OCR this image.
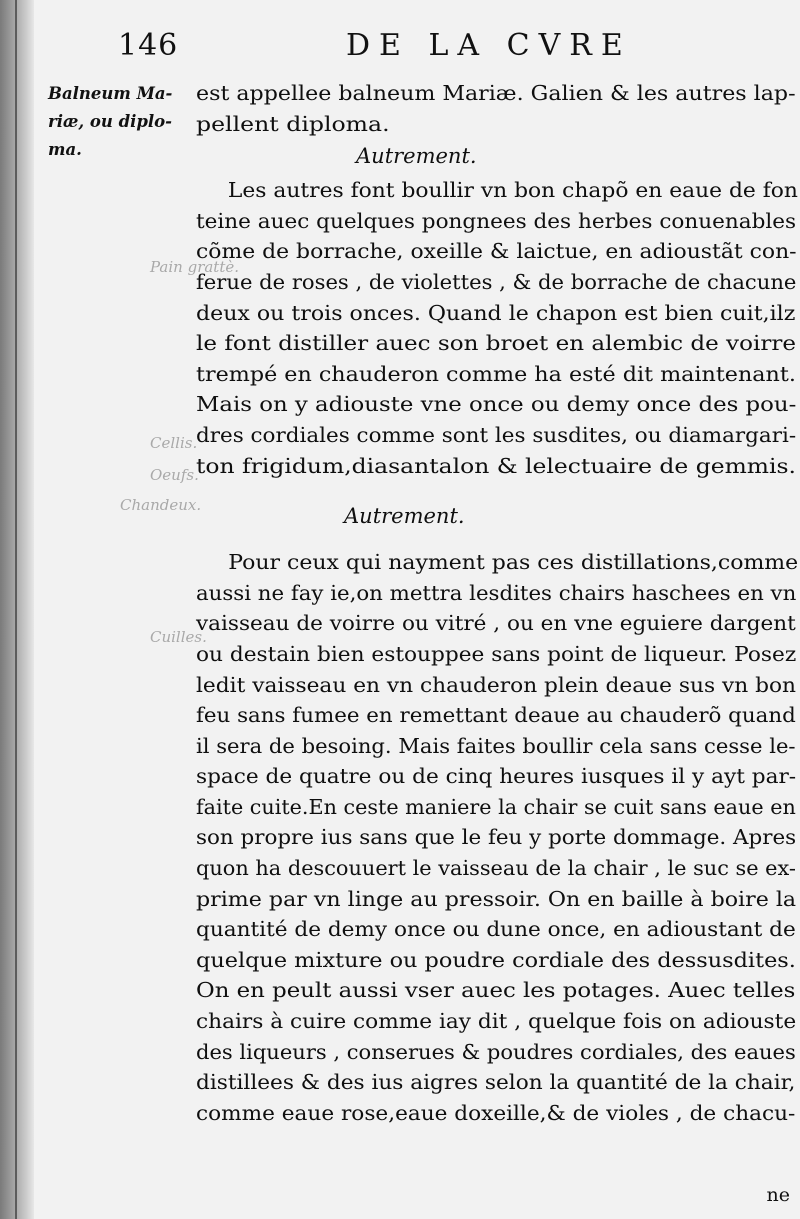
Pain grattè.
Cellis.
Oeufs.
Chandeux.
Cuilles.
146	DE LA CVRE
Balneum Ma-
riæ, ou diplo-
ma.
est appellee balneum Mariæ. Galien & les autres lap-
pellent diploma.
Autrement.
Les autres font boullir vn bon chapõ en eaue de fon
teine auec quelques pongnees des herbes conuenables
cõme de borrache, oxeille & laictue, en adioustãt con-
ferue de roses , de violettes , & de borrache de chacune
deux ou trois onces. Quand le chapon est bien cuit,ilz
le font distiller auec son broet en alembic de voirre
trempé en chauderon comme ha esté dit maintenant.
Mais on y adiouste vne once ou demy once des pou-
dres cordiales comme sont les susdites, ou diamargari-
ton frigidum,diasantalon & lelectuaire de gemmis.
Autrement.
Pour ceux qui nayment pas ces distillations,comme
aussi ne fay ie,on mettra lesdites chairs haschees en vn
vaisseau de voirre ou vitré , ou en vne eguiere dargent
ou destain bien estouppee sans point de liqueur. Posez
ledit vaisseau en vn chauderon plein deaue sus vn bon
feu sans fumee en remettant deaue au chauderõ quand
il sera de besoing. Mais faites boullir cela sans cesse le-
space de quatre ou de cinq heures iusques il y ayt par-
faite cuite.En ceste maniere la chair se cuit sans eaue en
son propre ius sans que le feu y porte dommage. Apres
quon ha descouuert le vaisseau de la chair , le suc se ex-
prime par vn linge au pressoir. On en baille à boire la
quantité de demy once ou dune once, en adioustant de
quelque mixture ou poudre cordiale des dessusdites.
On en peult aussi vser auec les potages. Auec telles
chairs à cuire comme iay dit , quelque fois on adiouste
des liqueurs , conserues & poudres cordiales, des eaues
distillees & des ius aigres selon la quantité de la chair,
comme eaue rose,eaue doxeille,& de violes , de chacu-
ne
